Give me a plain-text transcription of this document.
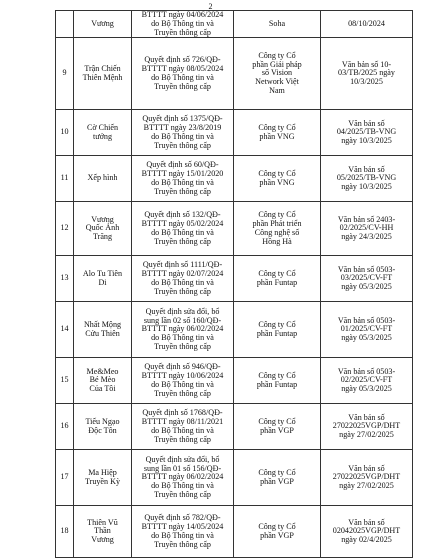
2
	Vương	BTTTT ngày 04/06/2024
do Bộ Thông tin và
Truyền thông cấp	Soha	08/10/2024
9	Trận Chiến
Thiên Mệnh	Quyết định số 726/QĐ-
BTTTT ngày 08/05/2024
do Bộ Thông tin và
Truyền thông cấp	Công ty Cổ
phần Giải pháp
số Vision
Network Việt
Nam	Văn bản số 10-
03/TB/2025 ngày
10/3/2025
10	Cờ Chiến
tướng	Quyết định số 1375/QĐ-
BTTTT ngày 23/8/2019
do Bộ Thông tin và
Truyền thông cấp	Công ty Cổ
phần VNG	Văn bản số
04/2025/TB-VNG
ngày 10/3/2025
11	Xếp hình	Quyết định số 60/QĐ-
BTTTT ngày 15/01/2020
do Bộ Thông tin và
Truyền thông cấp	Công ty Cổ
phần VNG	Văn bản số
05/2025/TB-VNG
ngày 10/3/2025
12	Vương
Quốc Ánh
Trăng	Quyết định số 132/QĐ-
BTTTT ngày 05/02/2024
do Bộ Thông tin và
Truyền thông cấp	Công ty Cổ
phần Phát triển
Công nghệ số
Hồng Hà	Văn bản số 2403-
02/2025/CV-HH
ngày 24/3/2025
13	Alo Tu Tiên
Di	Quyết định số 1111/QĐ-
BTTTT ngày 02/07/2024
do Bộ Thông tin và
Truyền thông cấp	Công ty Cổ
phần Funtap	Văn bản số 0503-
03/2025/CV-FT
ngày 05/3/2025
14	Nhất Mộng
Cửu Thiên	Quyết định sửa đổi, bổ
sung lần 02 số 160/QĐ-
BTTTT ngày 06/02/2024
do Bộ Thông tin và
Truyền thông cấp	Công ty Cổ
phần Funtap	Văn bản số 0503-
01/2025/CV-FT
ngày 05/3/2025
15	Me&Meo
Bé Mèo
Của Tôi	Quyết định số 946/QĐ-
BTTTT ngày 10/06/2024
do Bộ Thông tin và
Truyền thông cấp	Công ty Cổ
phần Funtap	Văn bản số 0503-
02/2025/CV-FT
ngày 05/3/2025
16	Tiếu Ngạo
Độc Tôn	Quyết định số 1768/QĐ-
BTTTT ngày 08/11/2021
do Bộ Thông tin và
Truyền thông cấp	Công ty Cổ
phần VGP	Văn bản số
27022025VGP/DHT
ngày 27/02/2025
17	Ma Hiệp
Truyền Kỳ	Quyết định sửa đổi, bổ
sung lần 01 số 156/QĐ-
BTTTT ngày 06/02/2024
do Bộ Thông tin và
Truyền thông cấp	Công ty Cổ
phần VGP	Văn bản số
27022025VGP/DHT
ngày 27/02/2025
18	Thiên Vũ
Thần
Vương	Quyết định số 782/QĐ-
BTTTT ngày 14/05/2024
do Bộ Thông tin và
Truyền thông cấp	Công ty Cổ
phần VGP	Văn bản số
02042025VGP/DHT
ngày 02/4/2025
